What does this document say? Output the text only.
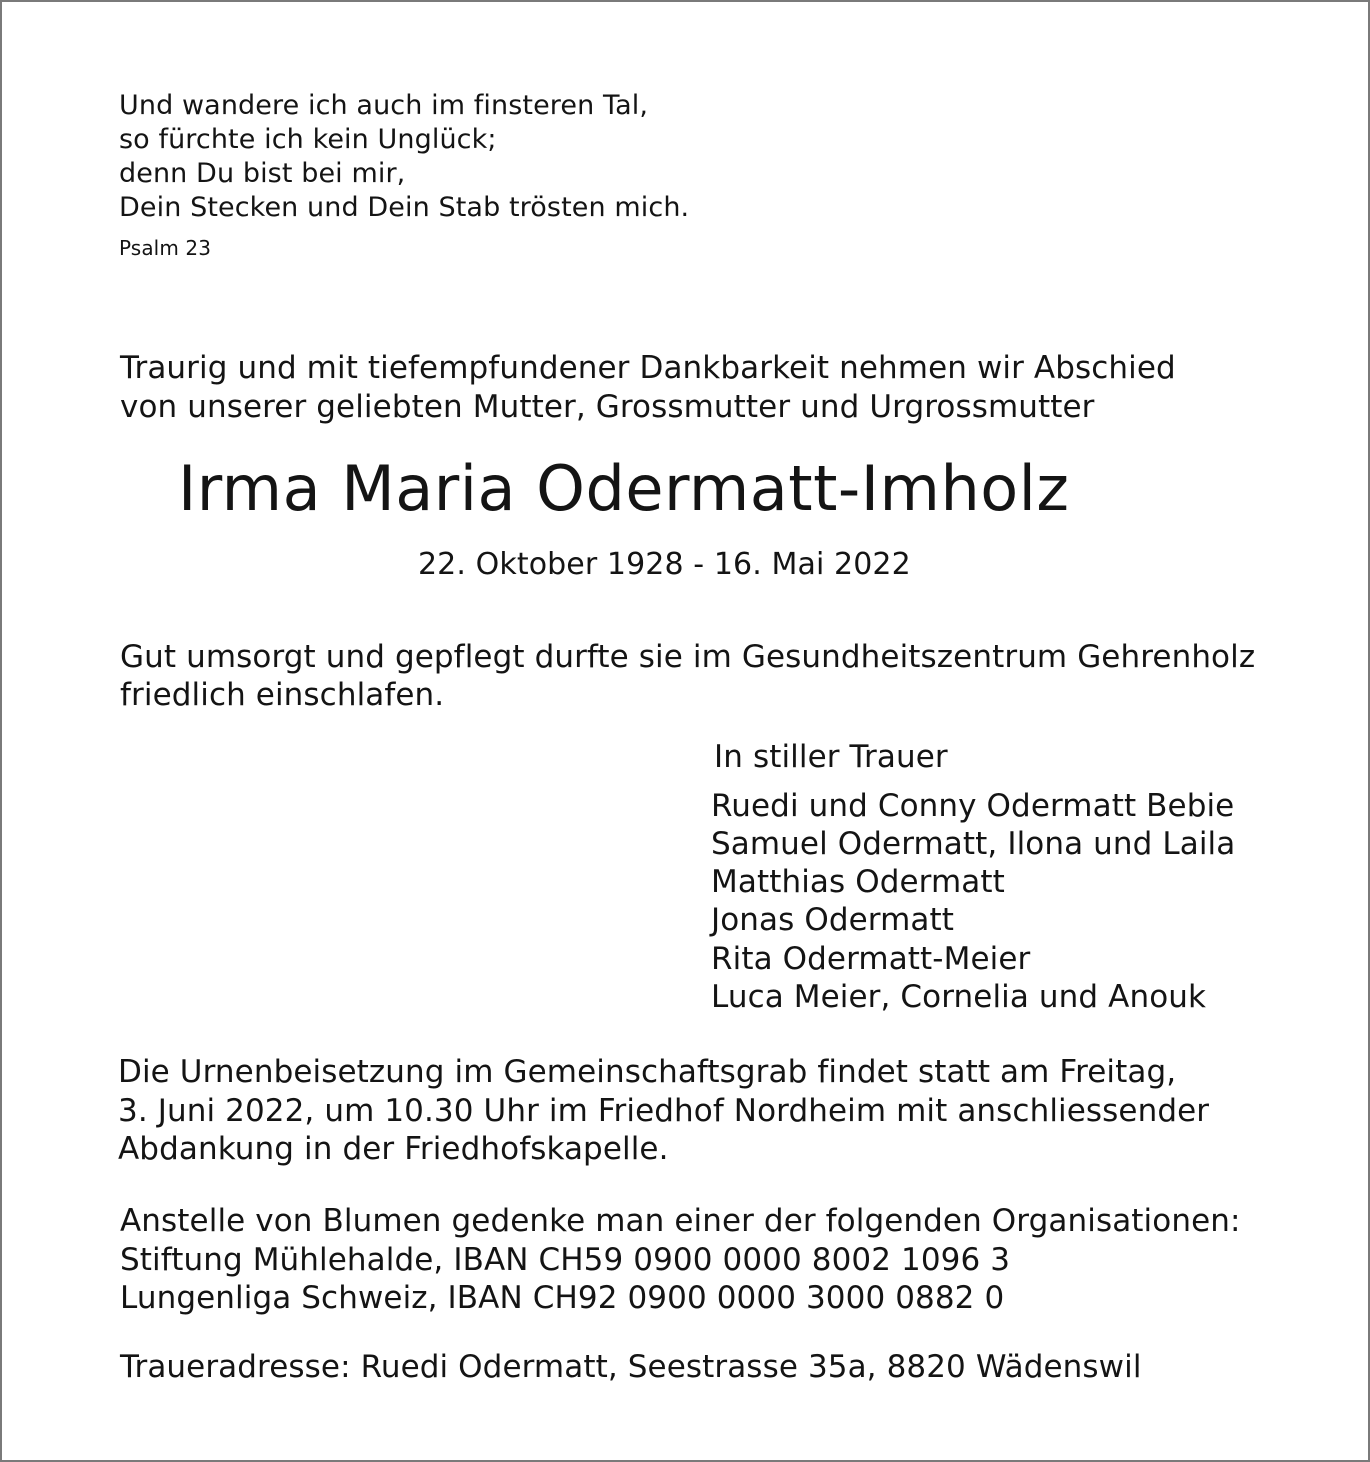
Und wandere ich auch im finsteren Tal,
so fürchte ich kein Unglück;
denn Du bist bei mir,
Dein Stecken und Dein Stab trösten mich.
Psalm 23
Traurig und mit tiefempfundener Dankbarkeit nehmen wir Abschied
von unserer geliebten Mutter, Grossmutter und Urgrossmutter
Irma Maria Odermatt-Imholz
22. Oktober 1928 - 16. Mai 2022
Gut umsorgt und gepflegt durfte sie im Gesundheitszentrum Gehrenholz
friedlich einschlafen.
In stiller Trauer
Ruedi und Conny Odermatt Bebie
Samuel Odermatt, Ilona und Laila
Matthias Odermatt
Jonas Odermatt
Rita Odermatt-Meier
Luca Meier, Cornelia und Anouk
Die Urnenbeisetzung im Gemeinschaftsgrab findet statt am Freitag,
3. Juni 2022, um 10.30 Uhr im Friedhof Nordheim mit anschliessender
Abdankung in der Friedhofskapelle.
Anstelle von Blumen gedenke man einer der folgenden Organisationen:
Stiftung Mühlehalde, IBAN CH59 0900 0000 8002 1096 3
Lungenliga Schweiz, IBAN CH92 0900 0000 3000 0882 0
Traueradresse: Ruedi Odermatt, Seestrasse 35a, 8820 Wädenswil
